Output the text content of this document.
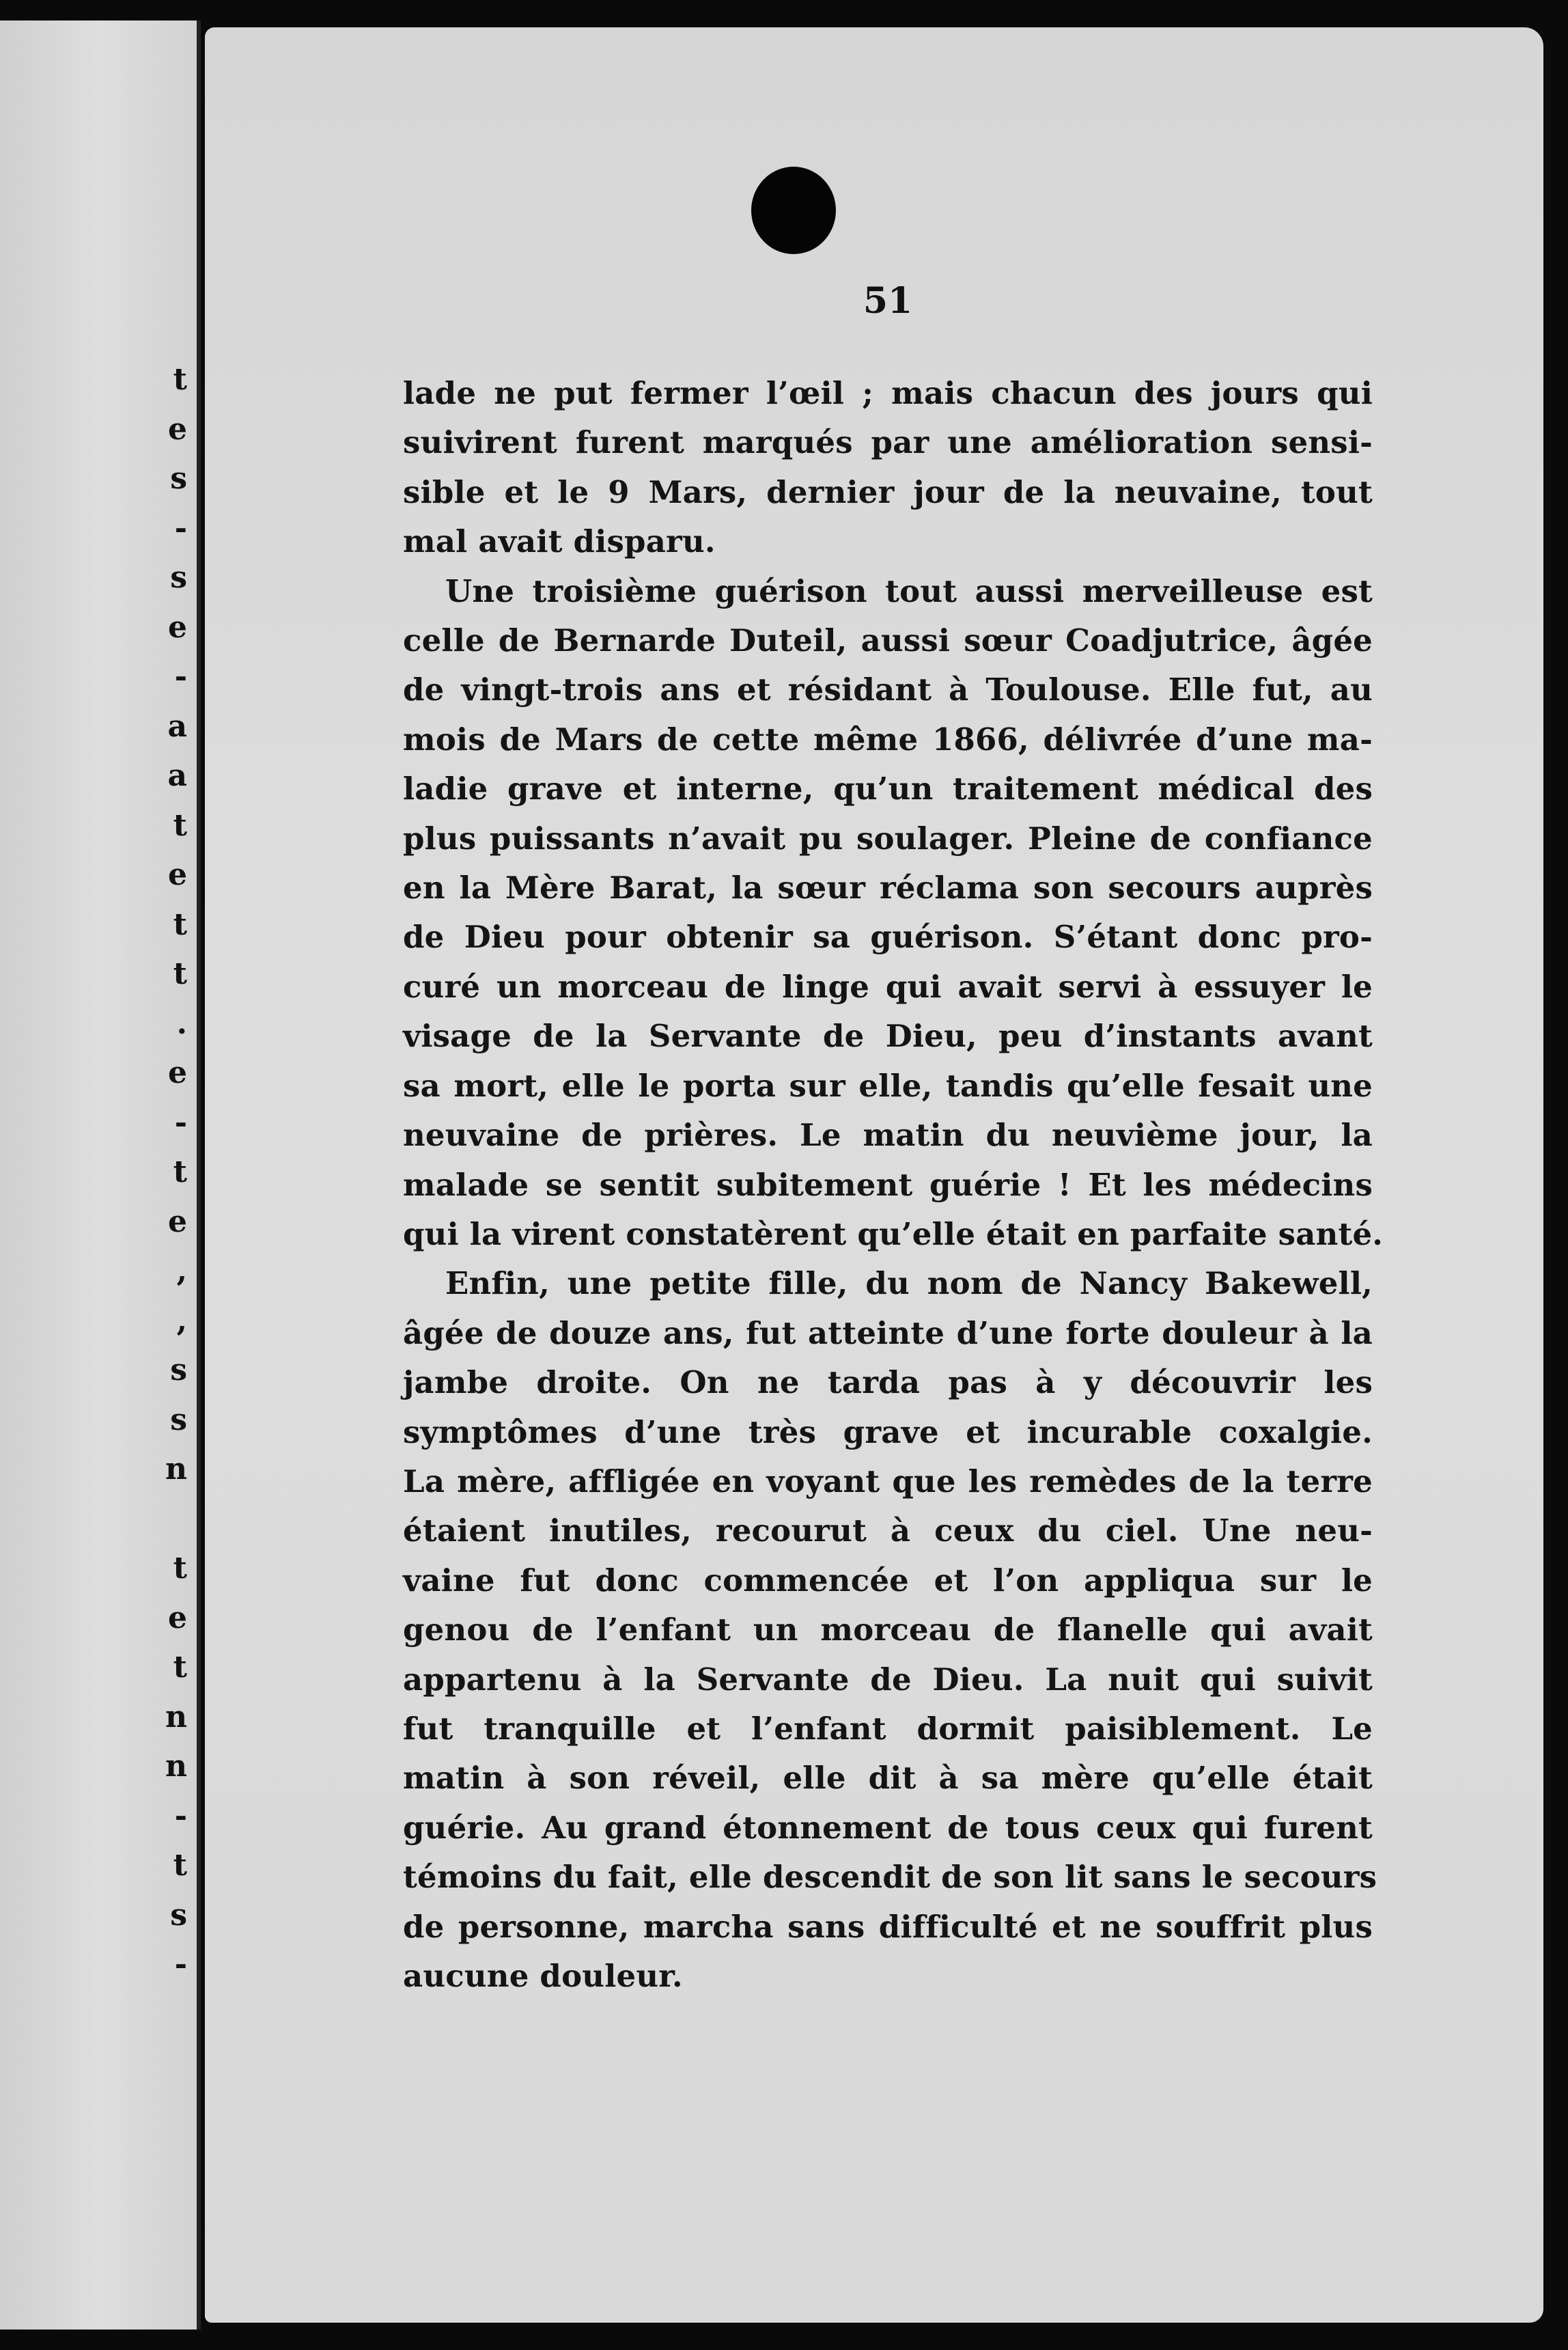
t
e
s
-
s
e
-
a
a
t
e
t
t
.
e
-
t
e
,
,
s
s
n
t
e
t
n
n
-
t
s
-
51
lade ne put fermer l’œil ; mais chacun des jours qui
suivirent furent marqués par une amélioration sensi-
sible et le 9 Mars, dernier jour de la neuvaine, tout
mal avait disparu.
Une troisième guérison tout aussi merveilleuse est
celle de Bernarde Duteil, aussi sœur Coadjutrice, âgée
de vingt-trois ans et résidant à Toulouse. Elle fut, au
mois de Mars de cette même 1866, délivrée d’une ma-
ladie grave et interne, qu’un traitement médical des
plus puissants n’avait pu soulager. Pleine de confiance
en la Mère Barat, la sœur réclama son secours auprès
de Dieu pour obtenir sa guérison. S’étant donc pro-
curé un morceau de linge qui avait servi à essuyer le
visage de la Servante de Dieu, peu d’instants avant
sa mort, elle le porta sur elle, tandis qu’elle fesait une
neuvaine de prières. Le matin du neuvième jour, la
malade se sentit subitement guérie ! Et les médecins
qui la virent constatèrent qu’elle était en parfaite santé.
Enfin, une petite fille, du nom de Nancy Bakewell,
âgée de douze ans, fut atteinte d’une forte douleur à la
jambe droite. On ne tarda pas à y découvrir les
symptômes d’une très grave et incurable coxalgie.
La mère, affligée en voyant que les remèdes de la terre
étaient inutiles, recourut à ceux du ciel. Une neu-
vaine fut donc commencée et l’on appliqua sur le
genou de l’enfant un morceau de flanelle qui avait
appartenu à la Servante de Dieu. La nuit qui suivit
fut tranquille et l’enfant dormit paisiblement. Le
matin à son réveil, elle dit à sa mère qu’elle était
guérie. Au grand étonnement de tous ceux qui furent
témoins du fait, elle descendit de son lit sans le secours
de personne, marcha sans difficulté et ne souffrit plus
aucune douleur.
